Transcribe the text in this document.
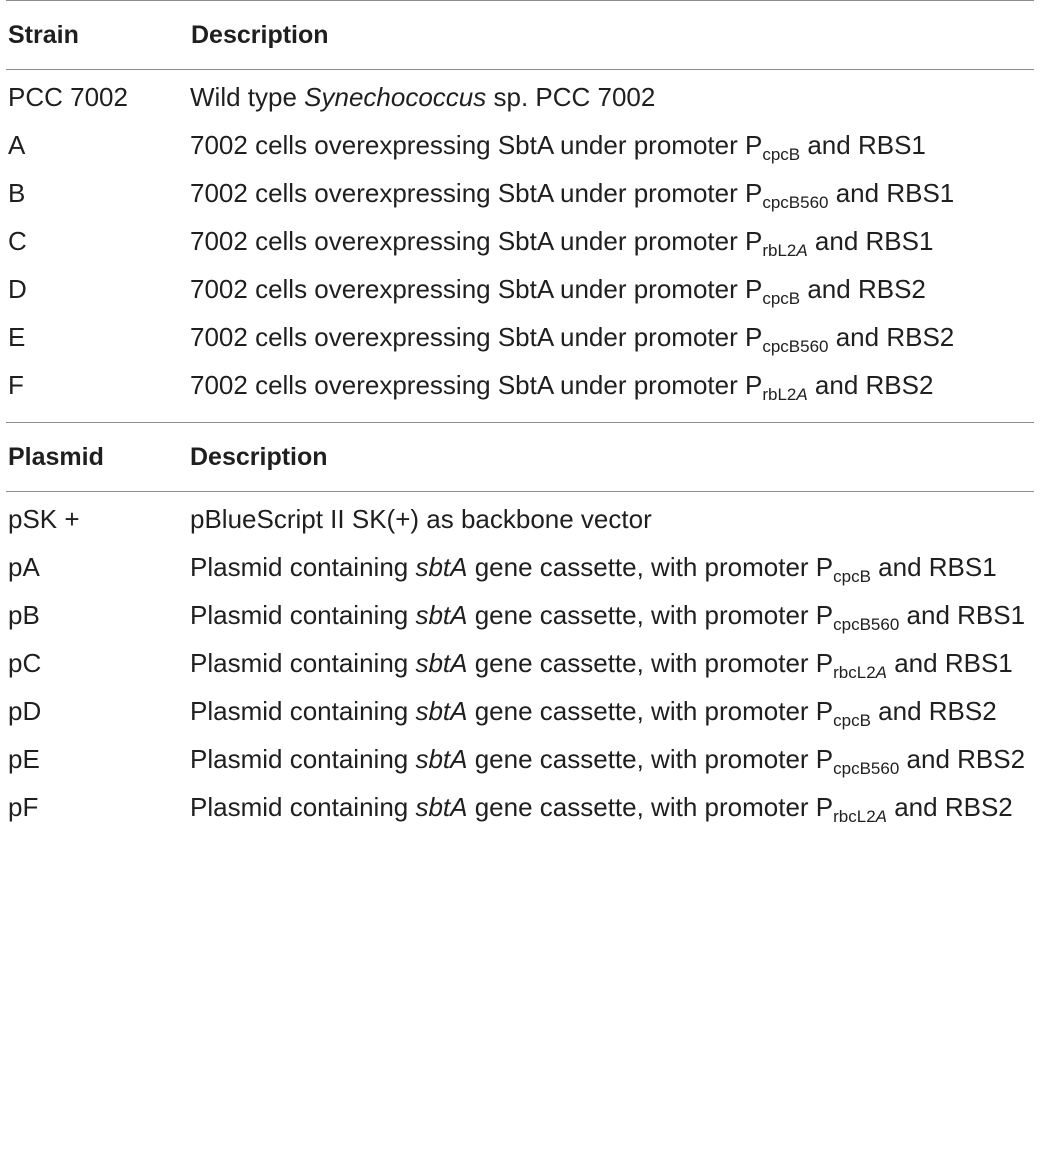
Strain	Description
PCC 7002	Wild type Synechococcus sp. PCC 7002
A	7002 cells overexpressing SbtA under promoter $P_{cpcB}$ and RBS1
B	7002 cells overexpressing SbtA under promoter $P_{cpcB560}$ and RBS1
C	7002 cells overexpressing SbtA under promoter $P_{rbL2A}$ and RBS1
D	7002 cells overexpressing SbtA under promoter $P_{cpcB}$ and RBS2
E	7002 cells overexpressing SbtA under promoter $P_{cpcB560}$ and RBS2
F	7002 cells overexpressing SbtA under promoter $P_{rbL2A}$ and RBS2
Plasmid	Description
pSK +	pBlueScript II SK(+) as backbone vector
pA	Plasmid containing sbtA gene cassette, with promoter $P_{cpcB}$ and RBS1
pB	Plasmid containing sbtA gene cassette, with promoter $P_{cpcB560}$ and RBS1
pC	Plasmid containing sbtA gene cassette, with promoter $P_{rbcL2A}$ and RBS1
pD	Plasmid containing sbtA gene cassette, with promoter $P_{cpcB}$ and RBS2
pE	Plasmid containing sbtA gene cassette, with promoter $P_{cpcB560}$ and RBS2
pF	Plasmid containing sbtA gene cassette, with promoter $P_{rbcL2A}$ and RBS2
